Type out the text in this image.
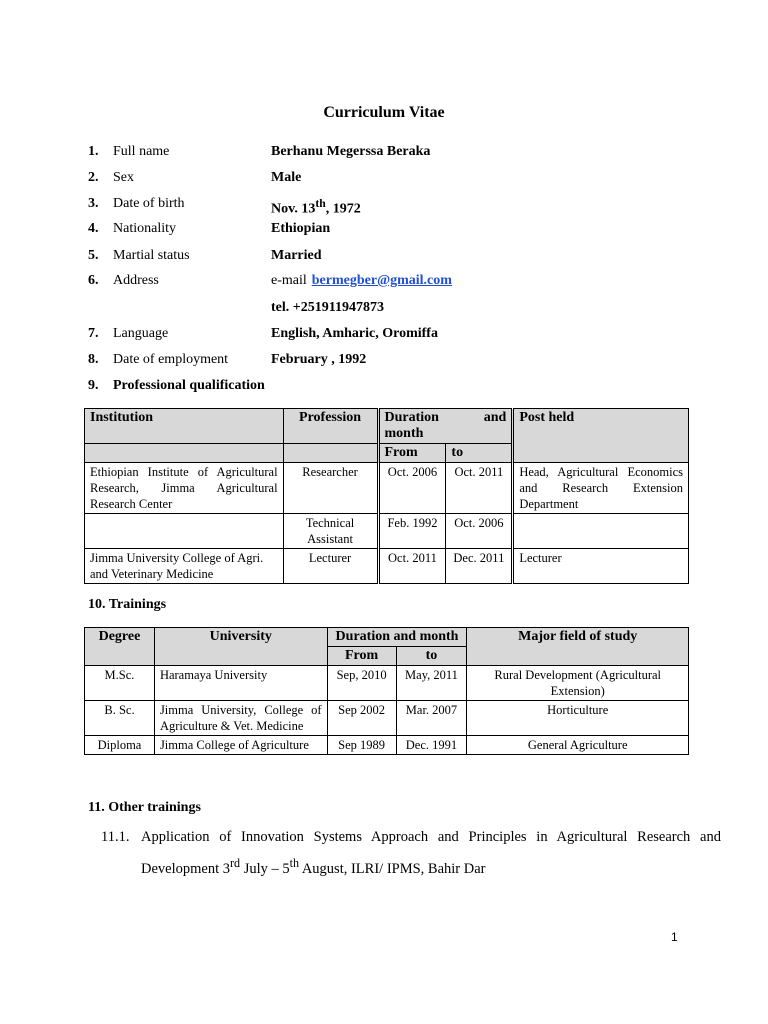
Curriculum Vitae
1.	Full name	Berhanu Megerssa Beraka
2.	Sex	Male
3.	Date of birth	Nov. 13th, 1972
4.	Nationality	Ethiopian
5.	Martial status	Married
6.	Address	e-mail bermegber@gmail.com
tel. +251911947873
7.	Language	English, Amharic, Oromiffa
8.	Date of employment	February , 1992
9.	Professional qualification
Institution	Profession	Duration and month		Post held

		From	to	
Ethiopian Institute of Agricultural Research, Jimma Agricultural Research Center	Researcher	Oct. 2006	Oct. 2011	Head, Agricultural Economics and Research Extension Department
	Technical Assistant	Feb. 1992	Oct. 2006	
Jimma University College of Agri. and Veterinary Medicine	Lecturer	Oct. 2011	Dec. 2011	Lecturer
10. Trainings
Degree	University	Duration and month		Major field of study
		From	to	
M.Sc.	Haramaya University	Sep, 2010	May, 2011	Rural Development (Agricultural Extension)
B. Sc.	Jimma University, College of Agriculture & Vet. Medicine	Sep 2002	Mar. 2007	Horticulture
Diploma	Jimma College of Agriculture	Sep 1989	Dec. 1991	General Agriculture
11. Other trainings
11.1. Application of Innovation Systems Approach and Principles in Agricultural Research and Development 3rd July – 5th August, ILRI/ IPMS, Bahir Dar
1
